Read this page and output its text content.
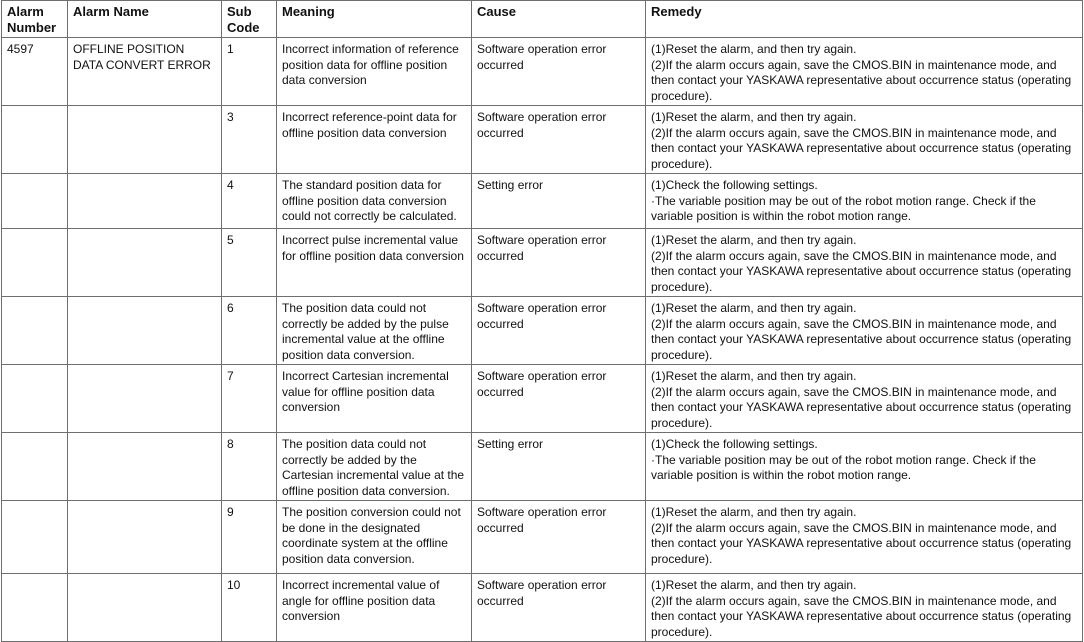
Alarm Number	Alarm Name	Sub Code	Meaning	Cause	Remedy
4597	OFFLINE POSITION DATA CONVERT ERROR	1	Incorrect information of reference position data for offline position data conversion	Software operation error occurred	(1)Reset the alarm, and then try again.
(2)If the alarm occurs again, save the CMOS.BIN in maintenance mode, and then contact your YASKAWA representative about occurrence status (operating procedure).

		3	Incorrect reference-point data for offline position data conversion	Software operation error occurred	(1)Reset the alarm, and then try again.
(2)If the alarm occurs again, save the CMOS.BIN in maintenance mode, and then contact your YASKAWA representative about occurrence status (operating procedure).

		4	The standard position data for offline position data conversion could not correctly be calculated.	Setting error	(1)Check the following settings.
·The variable position may be out of the robot motion range. Check if the variable position is within the robot motion range.

		5	Incorrect pulse incremental value for offline position data conversion	Software operation error occurred	(1)Reset the alarm, and then try again.
(2)If the alarm occurs again, save the CMOS.BIN in maintenance mode, and then contact your YASKAWA representative about occurrence status (operating procedure).

		6	The position data could not correctly be added by the pulse incremental value at the offline position data conversion.	Software operation error occurred	(1)Reset the alarm, and then try again.
(2)If the alarm occurs again, save the CMOS.BIN in maintenance mode, and then contact your YASKAWA representative about occurrence status (operating procedure).

		7	Incorrect Cartesian incremental value for offline position data conversion	Software operation error occurred	(1)Reset the alarm, and then try again.
(2)If the alarm occurs again, save the CMOS.BIN in maintenance mode, and then contact your YASKAWA representative about occurrence status (operating procedure).

		8	The position data could not correctly be added by the Cartesian incremental value at the offline position data conversion.	Setting error	(1)Check the following settings.
·The variable position may be out of the robot motion range. Check if the variable position is within the robot motion range.

		9	The position conversion could not be done in the designated coordinate system at the offline position data conversion.	Software operation error occurred	(1)Reset the alarm, and then try again.
(2)If the alarm occurs again, save the CMOS.BIN in maintenance mode, and then contact your YASKAWA representative about occurrence status (operating procedure).

		10	Incorrect incremental value of angle for offline position data conversion	Software operation error occurred	(1)Reset the alarm, and then try again.
(2)If the alarm occurs again, save the CMOS.BIN in maintenance mode, and then contact your YASKAWA representative about occurrence status (operating procedure).
